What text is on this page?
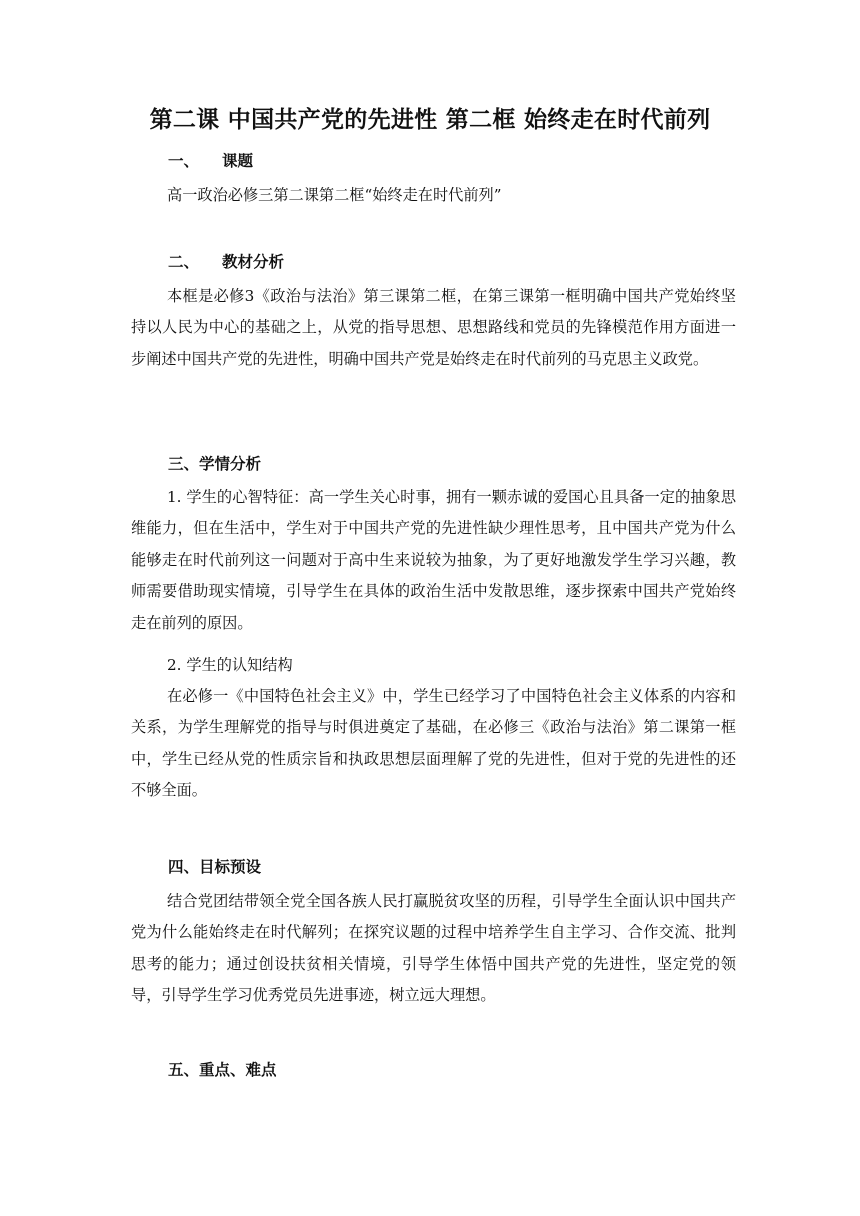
第二课 中国共产党的先进性 第二框 始终走在时代前列
一、 课题
高一政治必修三第二课第二框“始终走在时代前列”
二、 教材分析
本框是必修3《政治与法治》第三课第二框，在第三课第一框明确中国共产党始终坚持以人民为中心的基础之上，从党的指导思想、思想路线和党员的先锋模范作用方面进一步阐述中国共产党的先进性，明确中国共产党是始终走在时代前列的马克思主义政党。
三、学情分析
1. 学生的心智特征：高一学生关心时事，拥有一颗赤诚的爱国心且具备一定的抽象思维能力，但在生活中，学生对于中国共产党的先进性缺少理性思考，且中国共产党为什么能够走在时代前列这一问题对于高中生来说较为抽象，为了更好地激发学生学习兴趣，教师需要借助现实情境，引导学生在具体的政治生活中发散思维，逐步探索中国共产党始终走在前列的原因。
2. 学生的认知结构
在必修一《中国特色社会主义》中，学生已经学习了中国特色社会主义体系的内容和关系，为学生理解党的指导与时俱进奠定了基础，在必修三《政治与法治》第二课第一框中，学生已经从党的性质宗旨和执政思想层面理解了党的先进性，但对于党的先进性的还不够全面。
四、目标预设
结合党团结带领全党全国各族人民打赢脱贫攻坚的历程，引导学生全面认识中国共产党为什么能始终走在时代解列；在探究议题的过程中培养学生自主学习、合作交流、批判思考的能力；通过创设扶贫相关情境，引导学生体悟中国共产党的先进性，坚定党的领导，引导学生学习优秀党员先进事迹，树立远大理想。
五、重点、难点
